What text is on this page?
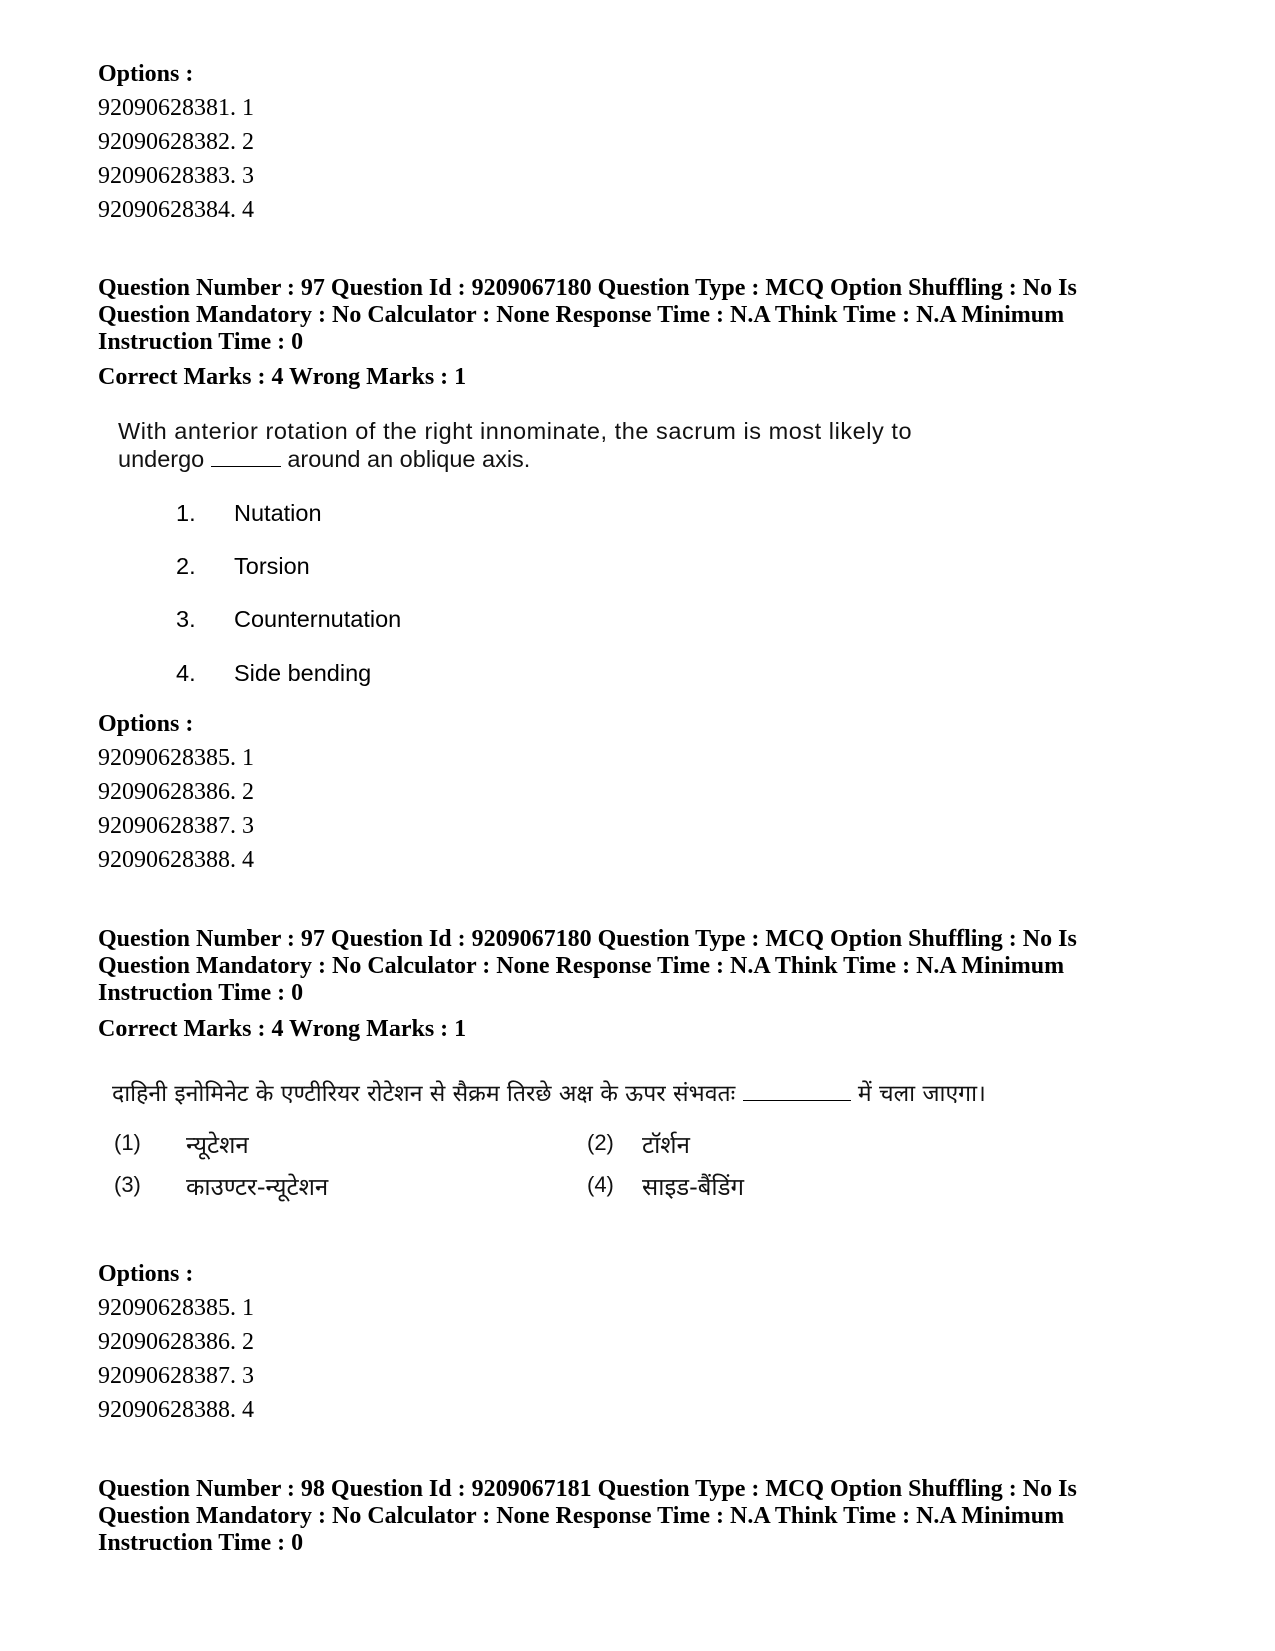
Options :
92090628381. 1
92090628382. 2
92090628383. 3
92090628384. 4
Question Number : 97 Question Id : 9209067180 Question Type : MCQ Option Shuffling : No Is
Question Mandatory : No Calculator : None Response Time : N.A Think Time : N.A Minimum
Instruction Time : 0
Correct Marks : 4 Wrong Marks : 1
With anterior rotation of the right innominate, the sacrum is most likely to
undergo	around an oblique axis.
1.	Nutation
2.	Torsion
3.	Counternutation
4.	Side bending
Options :
92090628385. 1
92090628386. 2
92090628387. 3
92090628388. 4
Question Number : 97 Question Id : 9209067180 Question Type : MCQ Option Shuffling : No Is
Question Mandatory : No Calculator : None Response Time : N.A Think Time : N.A Minimum
Instruction Time : 0
Correct Marks : 4 Wrong Marks : 1
दाहिनी इनोमिनेट के एण्टीरियर रोटेशन से सैक्रम तिरछे अक्ष के ऊपर संभवतः	में चला जाएगा।
(1) न्यूटेशन	(2) टॉर्शन
(3) काउण्टर-न्यूटेशन	(4) साइड-बैंडिंग
Options :
92090628385. 1
92090628386. 2
92090628387. 3
92090628388. 4
Question Number : 98 Question Id : 9209067181 Question Type : MCQ Option Shuffling : No Is
Question Mandatory : No Calculator : None Response Time : N.A Think Time : N.A Minimum
Instruction Time : 0
